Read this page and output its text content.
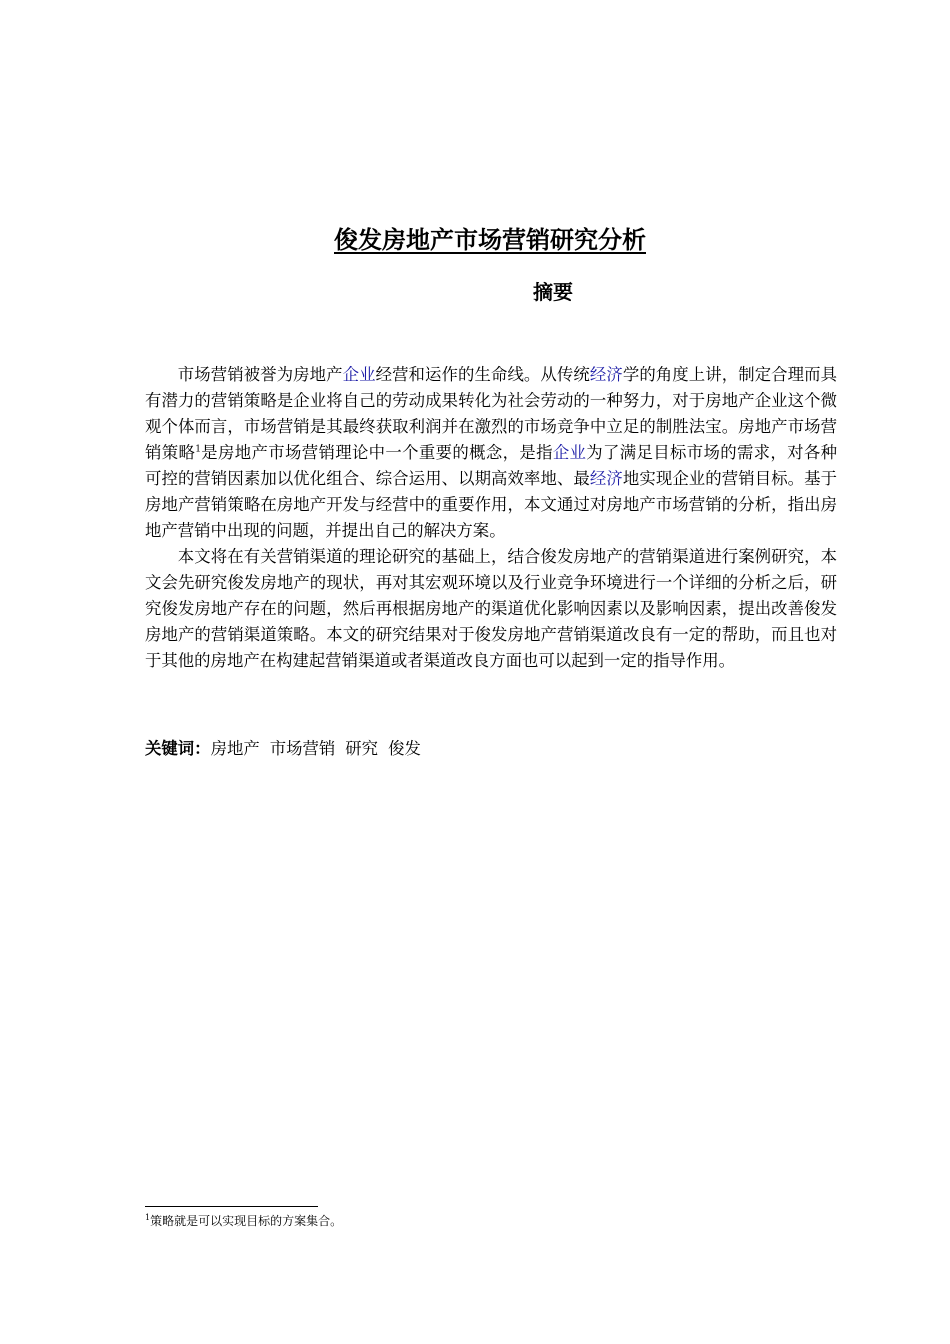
俊发房地产市场营销研究分析
摘要

市场营销被誉为房地产企业经营和运作的生命线。从传统经济学的角度上讲，制定合理而具有潜力的营销策略是企业将自己的劳动成果转化为社会劳动的一种努力，对于房地产企业这个微观个体而言，市场营销是其最终获取利润并在激烈的市场竞争中立足的制胜法宝。房地产市场营销策略$^1$是房地产市场营销理论中一个重要的概念，是指企业为了满足目标市场的需求，对各种可控的营销因素加以优化组合、综合运用、以期高效率地、最经济地实现企业的营销目标。基于房地产营销策略在房地产开发与经营中的重要作用，本文通过对房地产市场营销的分析，指出房地产营销中出现的问题，并提出自己的解决方案。

本文将在有关营销渠道的理论研究的基础上，结合俊发房地产的营销渠道进行案例研究，本文会先研究俊发房地产的现状，再对其宏观环境以及行业竞争环境进行一个详细的分析之后，研究俊发房地产存在的问题，然后再根据房地产的渠道优化影响因素以及影响因素，提出改善俊发房地产的营销渠道策略。本文的研究结果对于俊发房地产营销渠道改良有一定的帮助，而且也对于其他的房地产在构建起营销渠道或者渠道改良方面也可以起到一定的指导作用。

关键词：房地产 市场营销 研究 俊发
$^1$策略就是可以实现目标的方案集合。
